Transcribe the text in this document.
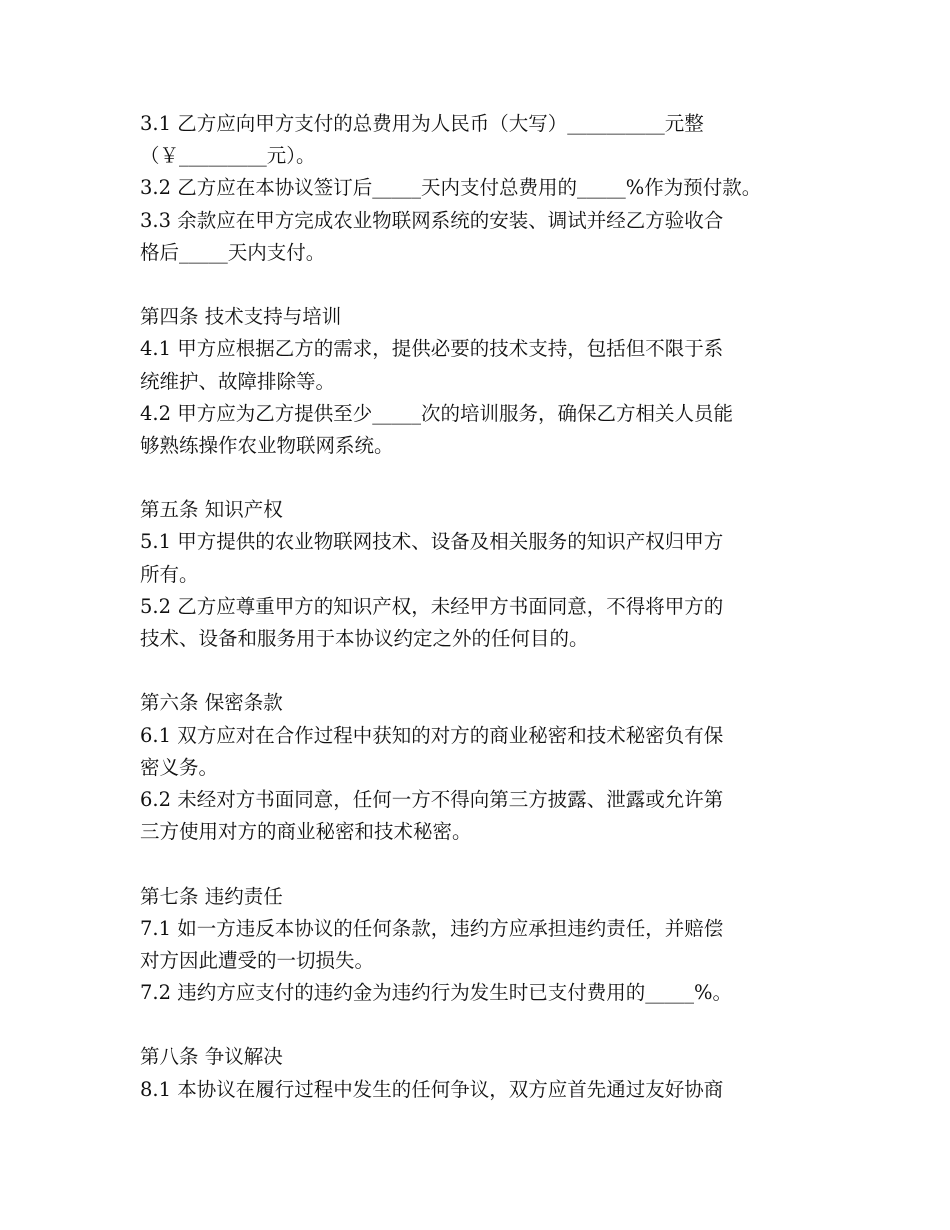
3.1 乙方应向甲方支付的总费用为人民币（大写）__________元整
（￥_________元）。
3.2 乙方应在本协议签订后_____天内支付总费用的_____%作为预付款。
3.3 余款应在甲方完成农业物联网系统的安装、调试并经乙方验收合
格后_____天内支付。
第四条 技术支持与培训
4.1 甲方应根据乙方的需求，提供必要的技术支持，包括但不限于系
统维护、故障排除等。
4.2 甲方应为乙方提供至少_____次的培训服务，确保乙方相关人员能
够熟练操作农业物联网系统。
第五条 知识产权
5.1 甲方提供的农业物联网技术、设备及相关服务的知识产权归甲方
所有。
5.2 乙方应尊重甲方的知识产权，未经甲方书面同意，不得将甲方的
技术、设备和服务用于本协议约定之外的任何目的。
第六条 保密条款
6.1 双方应对在合作过程中获知的对方的商业秘密和技术秘密负有保
密义务。
6.2 未经对方书面同意，任何一方不得向第三方披露、泄露或允许第
三方使用对方的商业秘密和技术秘密。
第七条 违约责任
7.1 如一方违反本协议的任何条款，违约方应承担违约责任，并赔偿
对方因此遭受的一切损失。
7.2 违约方应支付的违约金为违约行为发生时已支付费用的_____%。
第八条 争议解决
8.1 本协议在履行过程中发生的任何争议，双方应首先通过友好协商
